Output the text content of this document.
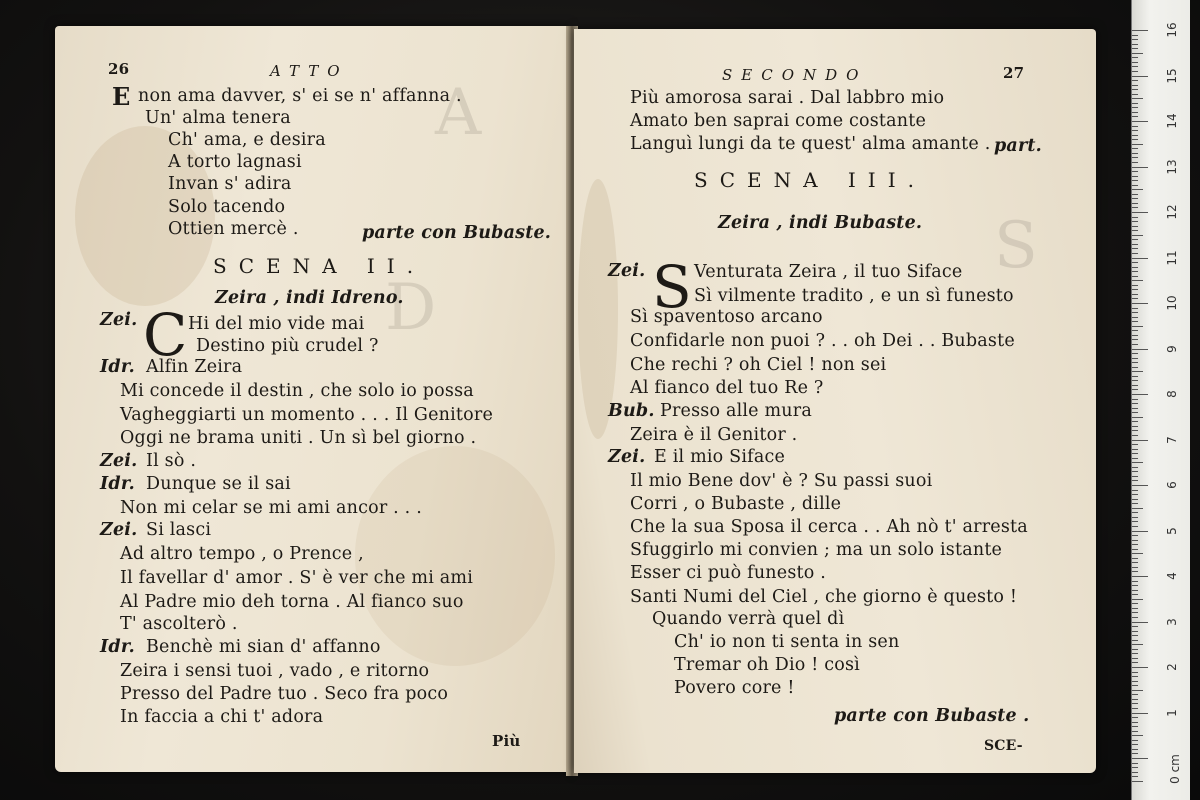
A
D
S
26	ATTO
E non ama davver, s' ei se n' affanna .
Un' alma tenera
Ch' ama, e desira
A torto lagnasi
Invan s' adira
Solo tacendo
Ottien mercè .	parte con Bubaste.
SCENA II.
Zeira , indi Idreno.
Zei. C Hi del mio vide mai
Destino più crudel ?
Idr. Alfin Zeira
Mi concede il destin , che solo io possa
Vagheggiarti un momento . . . Il Genitore
Oggi ne brama uniti . Un sì bel giorno .
Zei. Il sò .
Idr. Dunque se il sai
Non mi celar se mi ami ancor . . .
Zei. Si lasci
Ad altro tempo , o Prence ,
Il favellar d' amor . S' è ver che mi ami
Al Padre mio deh torna . Al fianco suo
T' ascolterò .
Idr. Benchè mi sian d' affanno
Zeira i sensi tuoi , vado , e ritorno
Presso del Padre tuo . Seco fra poco
In faccia a chi t' adora
Più
SECONDO	27
Più amorosa sarai . Dal labbro mio
Amato ben saprai come costante
Languì lungi da te quest' alma amante . part.
SCENA III.
Zeira , indi Bubaste.
Zei. S Venturata Zeira , il tuo Siface
Sì vilmente tradito , e un sì funesto
Sì spaventoso arcano
Confidarle non puoi ? . . oh Dei . . Bubaste
Che rechi ? oh Ciel ! non sei
Al fianco del tuo Re ?
Bub. Presso alle mura
Zeira è il Genitor .
Zei. E il mio Siface
Il mio Bene dov' è ? Su passi suoi
Corri , o Bubaste , dille
Che la sua Sposa il cerca . . Ah nò t' arresta
Sfuggirlo mi convien ; ma un solo istante
Esser ci può funesto .
Santi Numi del Ciel , che giorno è questo !
Quando verrà quel dì
Ch' io non ti senta in sen
Tremar oh Dio ! così
Povero core !
parte con Bubaste .
SCE-
16
15
14
13
12
11
10
9
8
7
6
5
4
3
2
1
0 cm
